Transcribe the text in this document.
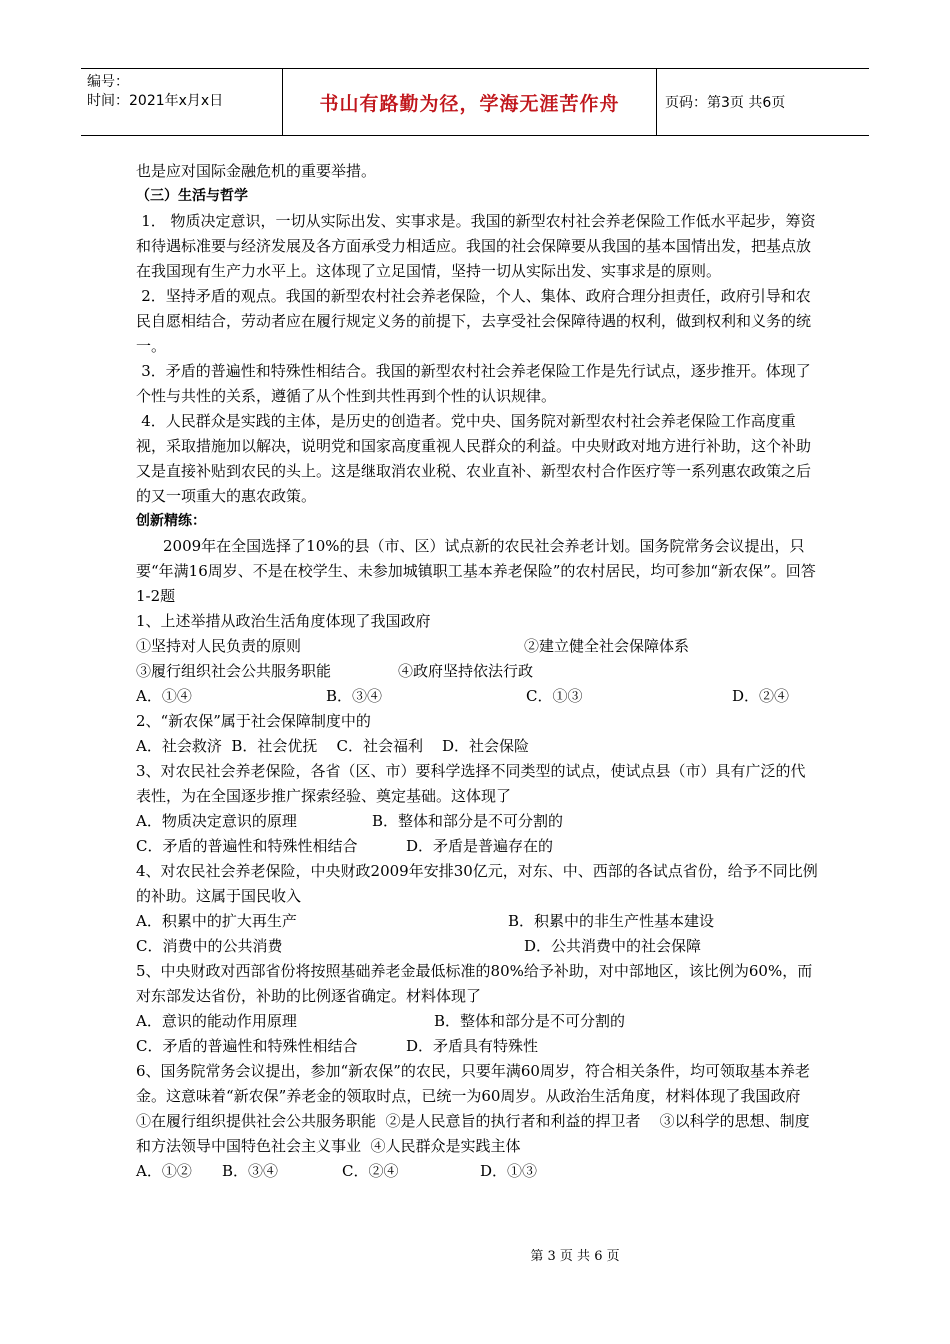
编号：
时间：2021年x月x日	书山有路勤为径，学海无涯苦作舟	页码：第3页 共6页

也是应对国际金融危机的重要举措。

（三）生活与哲学

1． 物质决定意识，一切从实际出发、实事求是。我国的新型农村社会养老保险工作低水平起步，筹资和待遇标准要与经济发展及各方面承受力相适应。我国的社会保障要从我国的基本国情出发，把基点放在我国现有生产力水平上。这体现了立足国情，坚持一切从实际出发、实事求是的原则。

2．坚持矛盾的观点。我国的新型农村社会养老保险，个人、集体、政府合理分担责任，政府引导和农民自愿相结合，劳动者应在履行规定义务的前提下，去享受社会保障待遇的权利，做到权利和义务的统一。

3．矛盾的普遍性和特殊性相结合。我国的新型农村社会养老保险工作是先行试点，逐步推开。体现了个性与共性的关系，遵循了从个性到共性再到个性的认识规律。

4．人民群众是实践的主体，是历史的创造者。党中央、国务院对新型农村社会养老保险工作高度重视，采取措施加以解决，说明党和国家高度重视人民群众的利益。中央财政对地方进行补助，这个补助又是直接补贴到农民的头上。这是继取消农业税、农业直补、新型农村合作医疗等一系列惠农政策之后的又一项重大的惠农政策。

创新精练：

2009年在全国选择了10%的县（市、区）试点新的农民社会养老计划。国务院常务会议提出，只要“年满16周岁、不是在校学生、未参加城镇职工基本养老保险”的农村居民，均可参加“新农保”。回答1-2题

1、上述举措从政治生活角度体现了我国政府

①坚持对人民负责的原则	②建立健全社会保障体系
③履行组织社会公共服务职能	④政府坚持依法行政
A．①④	B．③④	C．①③	D．②④

2、“新农保”属于社会保障制度中的

A．社会救济  B．社会优抚    C．社会福利    D．社会保险

3、对农民社会养老保险，各省（区、市）要科学选择不同类型的试点，使试点县（市）具有广泛的代表性，为在全国逐步推广探索经验、奠定基础。这体现了

A．物质决定意识的原理	B．整体和部分是不可分割的
C．矛盾的普遍性和特殊性相结合	D．矛盾是普遍存在的

4、对农民社会养老保险，中央财政2009年安排30亿元，对东、中、西部的各试点省份，给予不同比例的补助。这属于国民收入

A．积累中的扩大再生产	B．积累中的非生产性基本建设
C．消费中的公共消费	D．公共消费中的社会保障

5、中央财政对西部省份将按照基础养老金最低标准的80%给予补助，对中部地区，该比例为60%，而对东部发达省份，补助的比例逐省确定。材料体现了

A．意识的能动作用原理	B．整体和部分是不可分割的
C．矛盾的普遍性和特殊性相结合	D．矛盾具有特殊性

6、国务院常务会议提出，参加“新农保”的农民，只要年满60周岁，符合相关条件，均可领取基本养老金。这意味着“新农保”养老金的领取时点，已统一为60周岁。从政治生活角度，材料体现了我国政府

①在履行组织提供社会公共服务职能  ②是人民意旨的执行者和利益的捍卫者    ③以科学的思想、制度和方法领导中国特色社会主义事业  ④人民群众是实践主体

A．①②	B．③④	C．②④	D．①③
第 3 页 共 6 页
